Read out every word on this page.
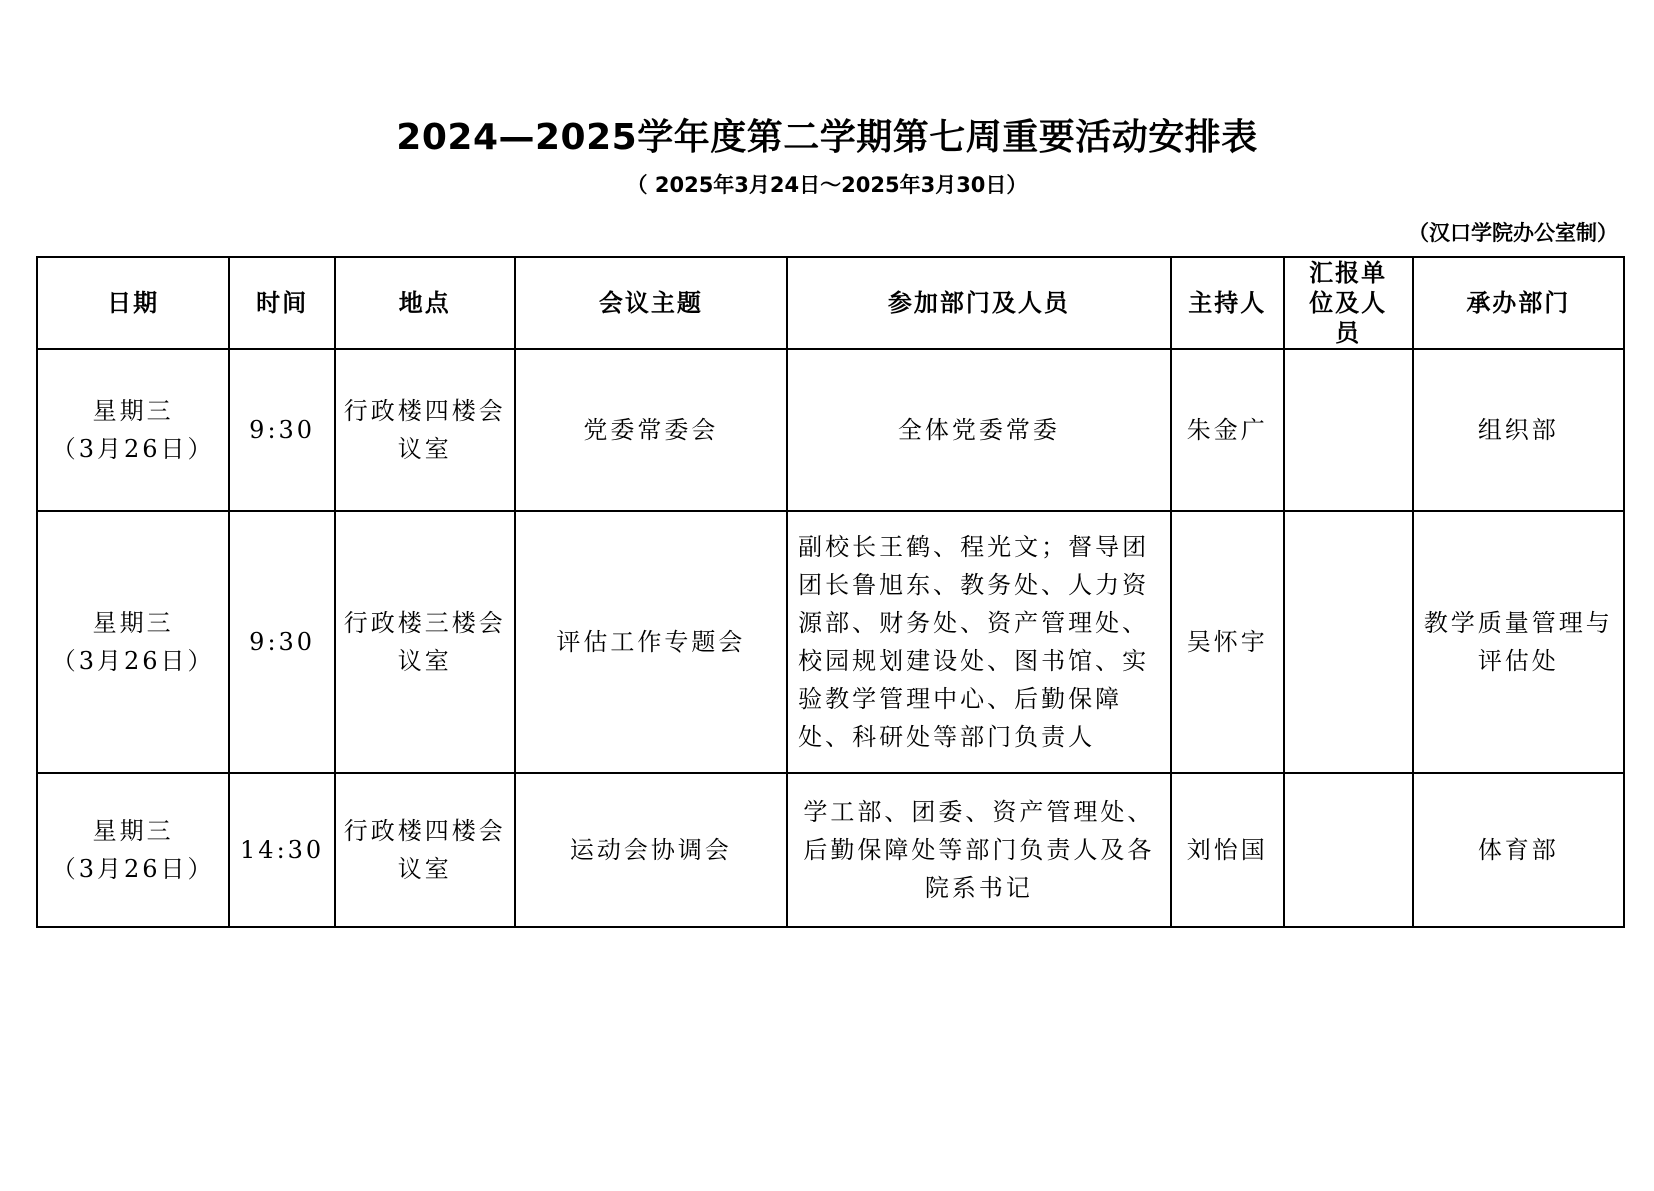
2024—2025学年度第二学期第七周重要活动安排表
（ 2025年3月24日～2025年3月30日）
（汉口学院办公室制）
日期	时间	地点	会议主题	参加部门及人员	主持人	汇报单位及人员	承办部门

星期三
（3月26日）	9:30	行政楼四楼会议室	党委常委会	全体党委常委	朱金广		组织部

星期三
（3月26日）	9:30	行政楼三楼会议室	评估工作专题会	副校长王鹤、程光文；督导团团长鲁旭东、教务处、人力资源部、财务处、资产管理处、校园规划建设处、图书馆、实验教学管理中心、后勤保障处、科研处等部门负责人	吴怀宇		教学质量管理与评估处

星期三
（3月26日）	14:30	行政楼四楼会议室	运动会协调会	学工部、团委、资产管理处、后勤保障处等部门负责人及各院系书记	刘怡国		体育部
